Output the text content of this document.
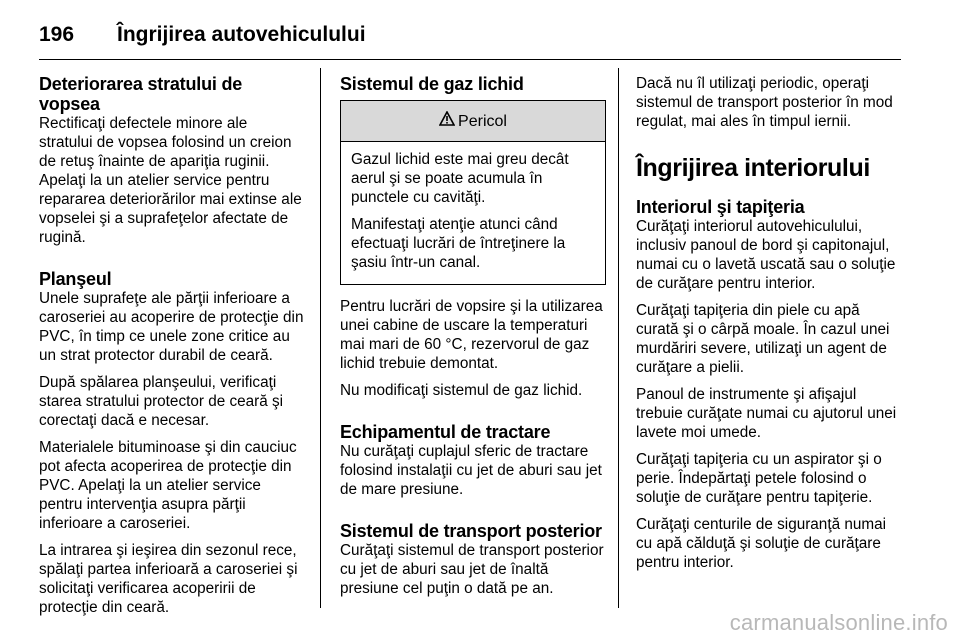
196	Îngrijirea autovehiculului
Deteriorarea stratului de vopsea

Rectificaţi defectele minore ale stratului de vopsea folosind un creion de retuş înainte de apariţia ruginii. Apelaţi la un atelier service pentru repararea deteriorărilor mai extinse ale vopselei şi a suprafeţelor afectate de rugină.

Planşeul

Unele suprafeţe ale părţii inferioare a caroseriei au acoperire de protecţie din PVC, în timp ce unele zone critice au un strat protector durabil de ceară.

După spălarea planşeului, verificaţi starea stratului protector de ceară şi corectaţi dacă e necesar.

Materialele bituminoase şi din cauciuc pot afecta acoperirea de protecţie din PVC. Apelaţi la un atelier service pentru intervenţia asupra părţii inferioare a caroseriei.

La intrarea şi ieşirea din sezonul rece, spălaţi partea inferioară a caroseriei şi solicitaţi verificarea acoperirii de protecţie din ceară.

Sistemul de gaz lichid
Pericol

Gazul lichid este mai greu decât aerul şi se poate acumula în punctele cu cavităţi.

Manifestaţi atenţie atunci când efectuaţi lucrări de întreţinere la şasiu într-un canal.

Pentru lucrări de vopsire şi la utilizarea unei cabine de uscare la temperaturi mai mari de 60 °C, rezervorul de gaz lichid trebuie demontat.

Nu modificaţi sistemul de gaz lichid.

Echipamentul de tractare

Nu curăţaţi cuplajul sferic de tractare folosind instalaţii cu jet de aburi sau jet de mare presiune.

Sistemul de transport posterior

Curăţaţi sistemul de transport posterior cu jet de aburi sau jet de înaltă presiune cel puţin o dată pe an.

Dacă nu îl utilizaţi periodic, operaţi sistemul de transport posterior în mod regulat, mai ales în timpul iernii.

Îngrijirea interiorului
Interiorul şi tapiţeria

Curăţaţi interiorul autovehiculului, inclusiv panoul de bord şi capitonajul, numai cu o lavetă uscată sau o soluţie de curăţare pentru interior.

Curăţaţi tapiţeria din piele cu apă curată şi o cârpă moale. În cazul unei murdăriri severe, utilizaţi un agent de curăţare a pielii.

Panoul de instrumente şi afişajul trebuie curăţate numai cu ajutorul unei lavete moi umede.

Curăţaţi tapiţeria cu un aspirator şi o perie. Îndepărtaţi petele folosind o soluţie de curăţare pentru tapiţerie.

Curăţaţi centurile de siguranţă numai cu apă călduţă şi soluţie de curăţare pentru interior.

carmanualsonline.info
